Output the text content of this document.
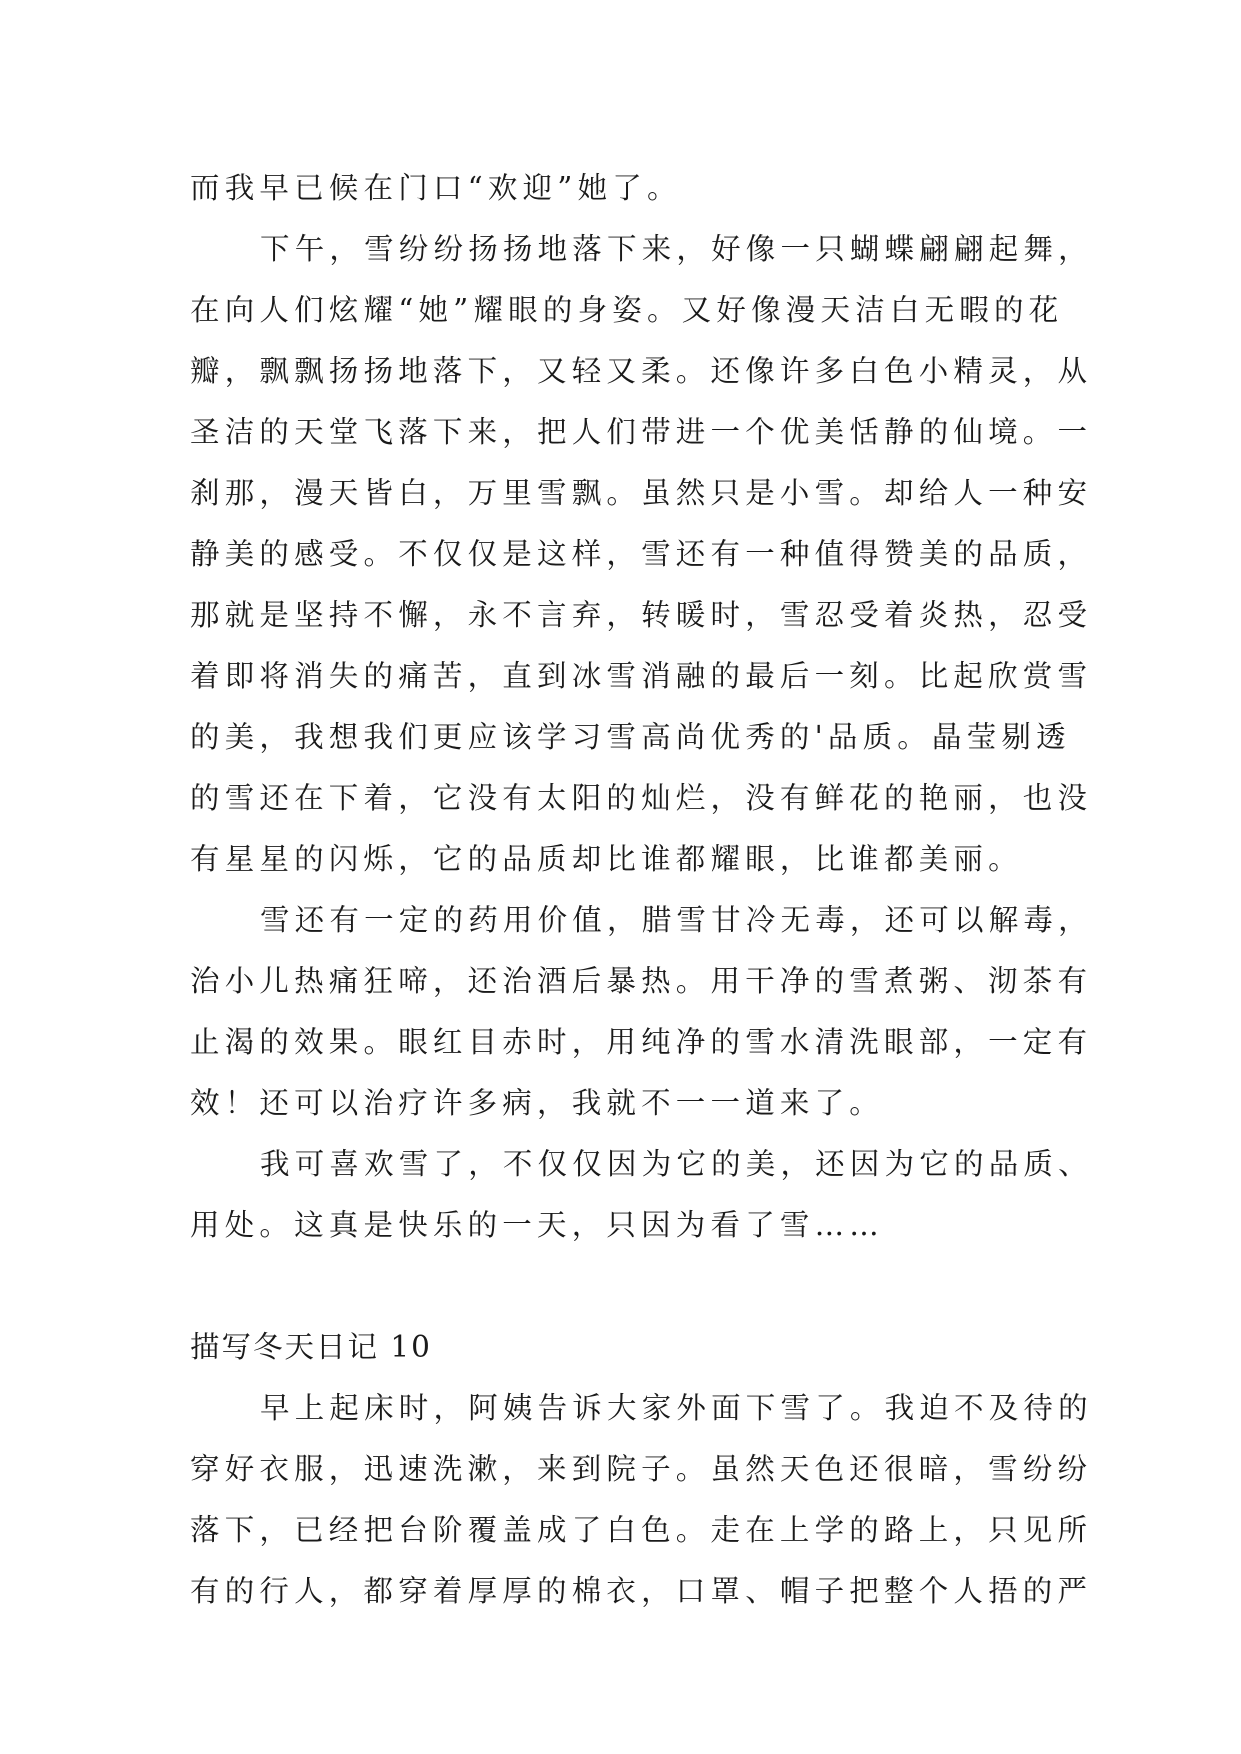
而我早已候在门口“欢迎”她了。
下午，雪纷纷扬扬地落下来，好像一只蝴蝶翩翩起舞，
在向人们炫耀“她”耀眼的身姿。又好像漫天洁白无暇的花
瓣，飘飘扬扬地落下，又轻又柔。还像许多白色小精灵，从
圣洁的天堂飞落下来，把人们带进一个优美恬静的仙境。一
刹那，漫天皆白，万里雪飘。虽然只是小雪。却给人一种安
静美的感受。不仅仅是这样，雪还有一种值得赞美的品质，
那就是坚持不懈，永不言弃，转暖时，雪忍受着炎热，忍受
着即将消失的痛苦，直到冰雪消融的最后一刻。比起欣赏雪
的美，我想我们更应该学习雪高尚优秀的'品质。晶莹剔透
的雪还在下着，它没有太阳的灿烂，没有鲜花的艳丽，也没
有星星的闪烁，它的品质却比谁都耀眼，比谁都美丽。
雪还有一定的药用价值，腊雪甘冷无毒，还可以解毒，
治小儿热痛狂啼，还治酒后暴热。用干净的雪煮粥、沏茶有
止渴的效果。眼红目赤时，用纯净的雪水清洗眼部，一定有
效！还可以治疗许多病，我就不一一道来了。
我可喜欢雪了，不仅仅因为它的美，还因为它的品质、
用处。这真是快乐的一天，只因为看了雪……
描写冬天日记 10
早上起床时，阿姨告诉大家外面下雪了。我迫不及待的
穿好衣服，迅速洗漱，来到院子。虽然天色还很暗，雪纷纷
落下，已经把台阶覆盖成了白色。走在上学的路上，只见所
有的行人，都穿着厚厚的棉衣，口罩、帽子把整个人捂的严
